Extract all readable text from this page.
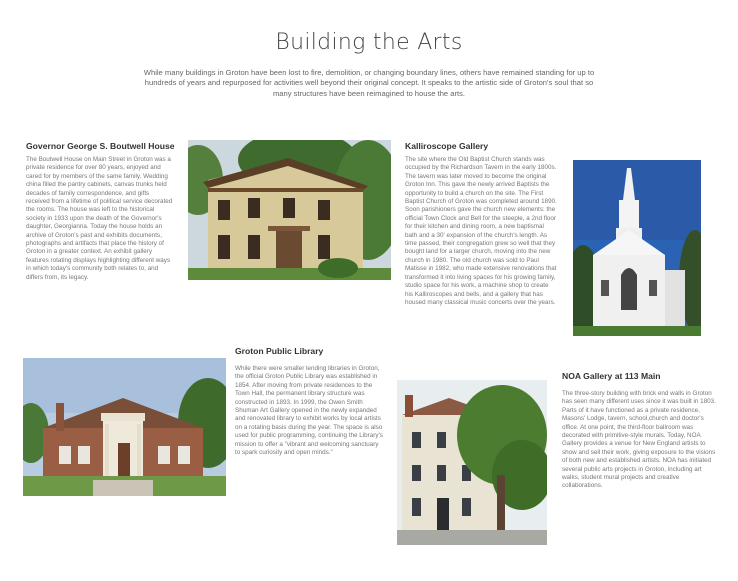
Building the Arts
While many buildings in Groton have been lost to fire, demolition, or changing boundary lines, others have remained standing for up to hundreds of years and repurposed for activities well beyond their original concept. It speaks to the artistic side of Groton's soul that so many structures have been reimagined to house the arts.
Governor George S. Boutwell House
The Boutwell House on Main Street in Groton was a private residence for over 80 years, enjoyed and cared for by members of the same family. Wedding china filled the pantry cabinets, canvas trunks held decades of family correspondence, and gifts received from a lifetime of political service decorated the rooms. The house was left to the historical society in 1933 upon the death of the Governor's daughter, Georgianna. Today the house holds an archive of Groton's past and exhibits documents, photographs and artifacts that place the history of Groton in a greater context. An exhibit gallery features rotating displays highlighting different ways in which today's community both relates to, and differs from, its legacy.
Kalliroscope Gallery
The site where the Old Baptist Church stands was occupied by the Richardson Tavern in the early 1800s. The tavern was later moved to become the original Groton Inn. This gave the newly arrived Baptists the opportunity to build a church on the site. The First Baptist Church of Groton was completed around 1890. Soon parishioners gave the church new elements: the official Town Clock and Bell for the steeple, a 2nd floor for their kitchen and dining room, a new baptismal bath and a 30' expansion of the church's length. As time passed, their congregation grew so well that they bought land for a larger church, moving into the new church in 1980. The old church was sold to Paul Matisse in 1982, who made extensive renovations that transformed it into living spaces for his growing family, studio space for his work, a machine shop to create his Kalliroscopes and bells, and a gallery that has housed many classical music concerts over the years.
Groton Public Library
While there were smaller lending libraries in Groton, the official Groton Public Library was established in 1854. After moving from private residences to the Town Hall, the permanent library structure was constructed in 1893. In 1999, the Owen Smith Shuman Art Gallery opened in the newly expanded and renovated library to exhibit works by local artists on a rotating basis during the year. The space is also used for public programming, continuing the Library's mission to offer a "vibrant and welcoming sanctuary to spark curiosity and open minds."
NOA Gallery at 113 Main
The three-story building with brick end walls in Groton has seen many different uses since it was built in 1803. Parts of it have functioned as a private residence, Masons' Lodge, tavern, school,church and doctor's office. At one point, the third-floor ballroom was decorated with primitive-style murals. Today, NOA Gallery provides a venue for New England artists to show and sell their work, giving exposure to the visions of both new and established artists. NOA has initiated several public arts projects in Groton, including art walks, student mural projects and creative collaborations.
